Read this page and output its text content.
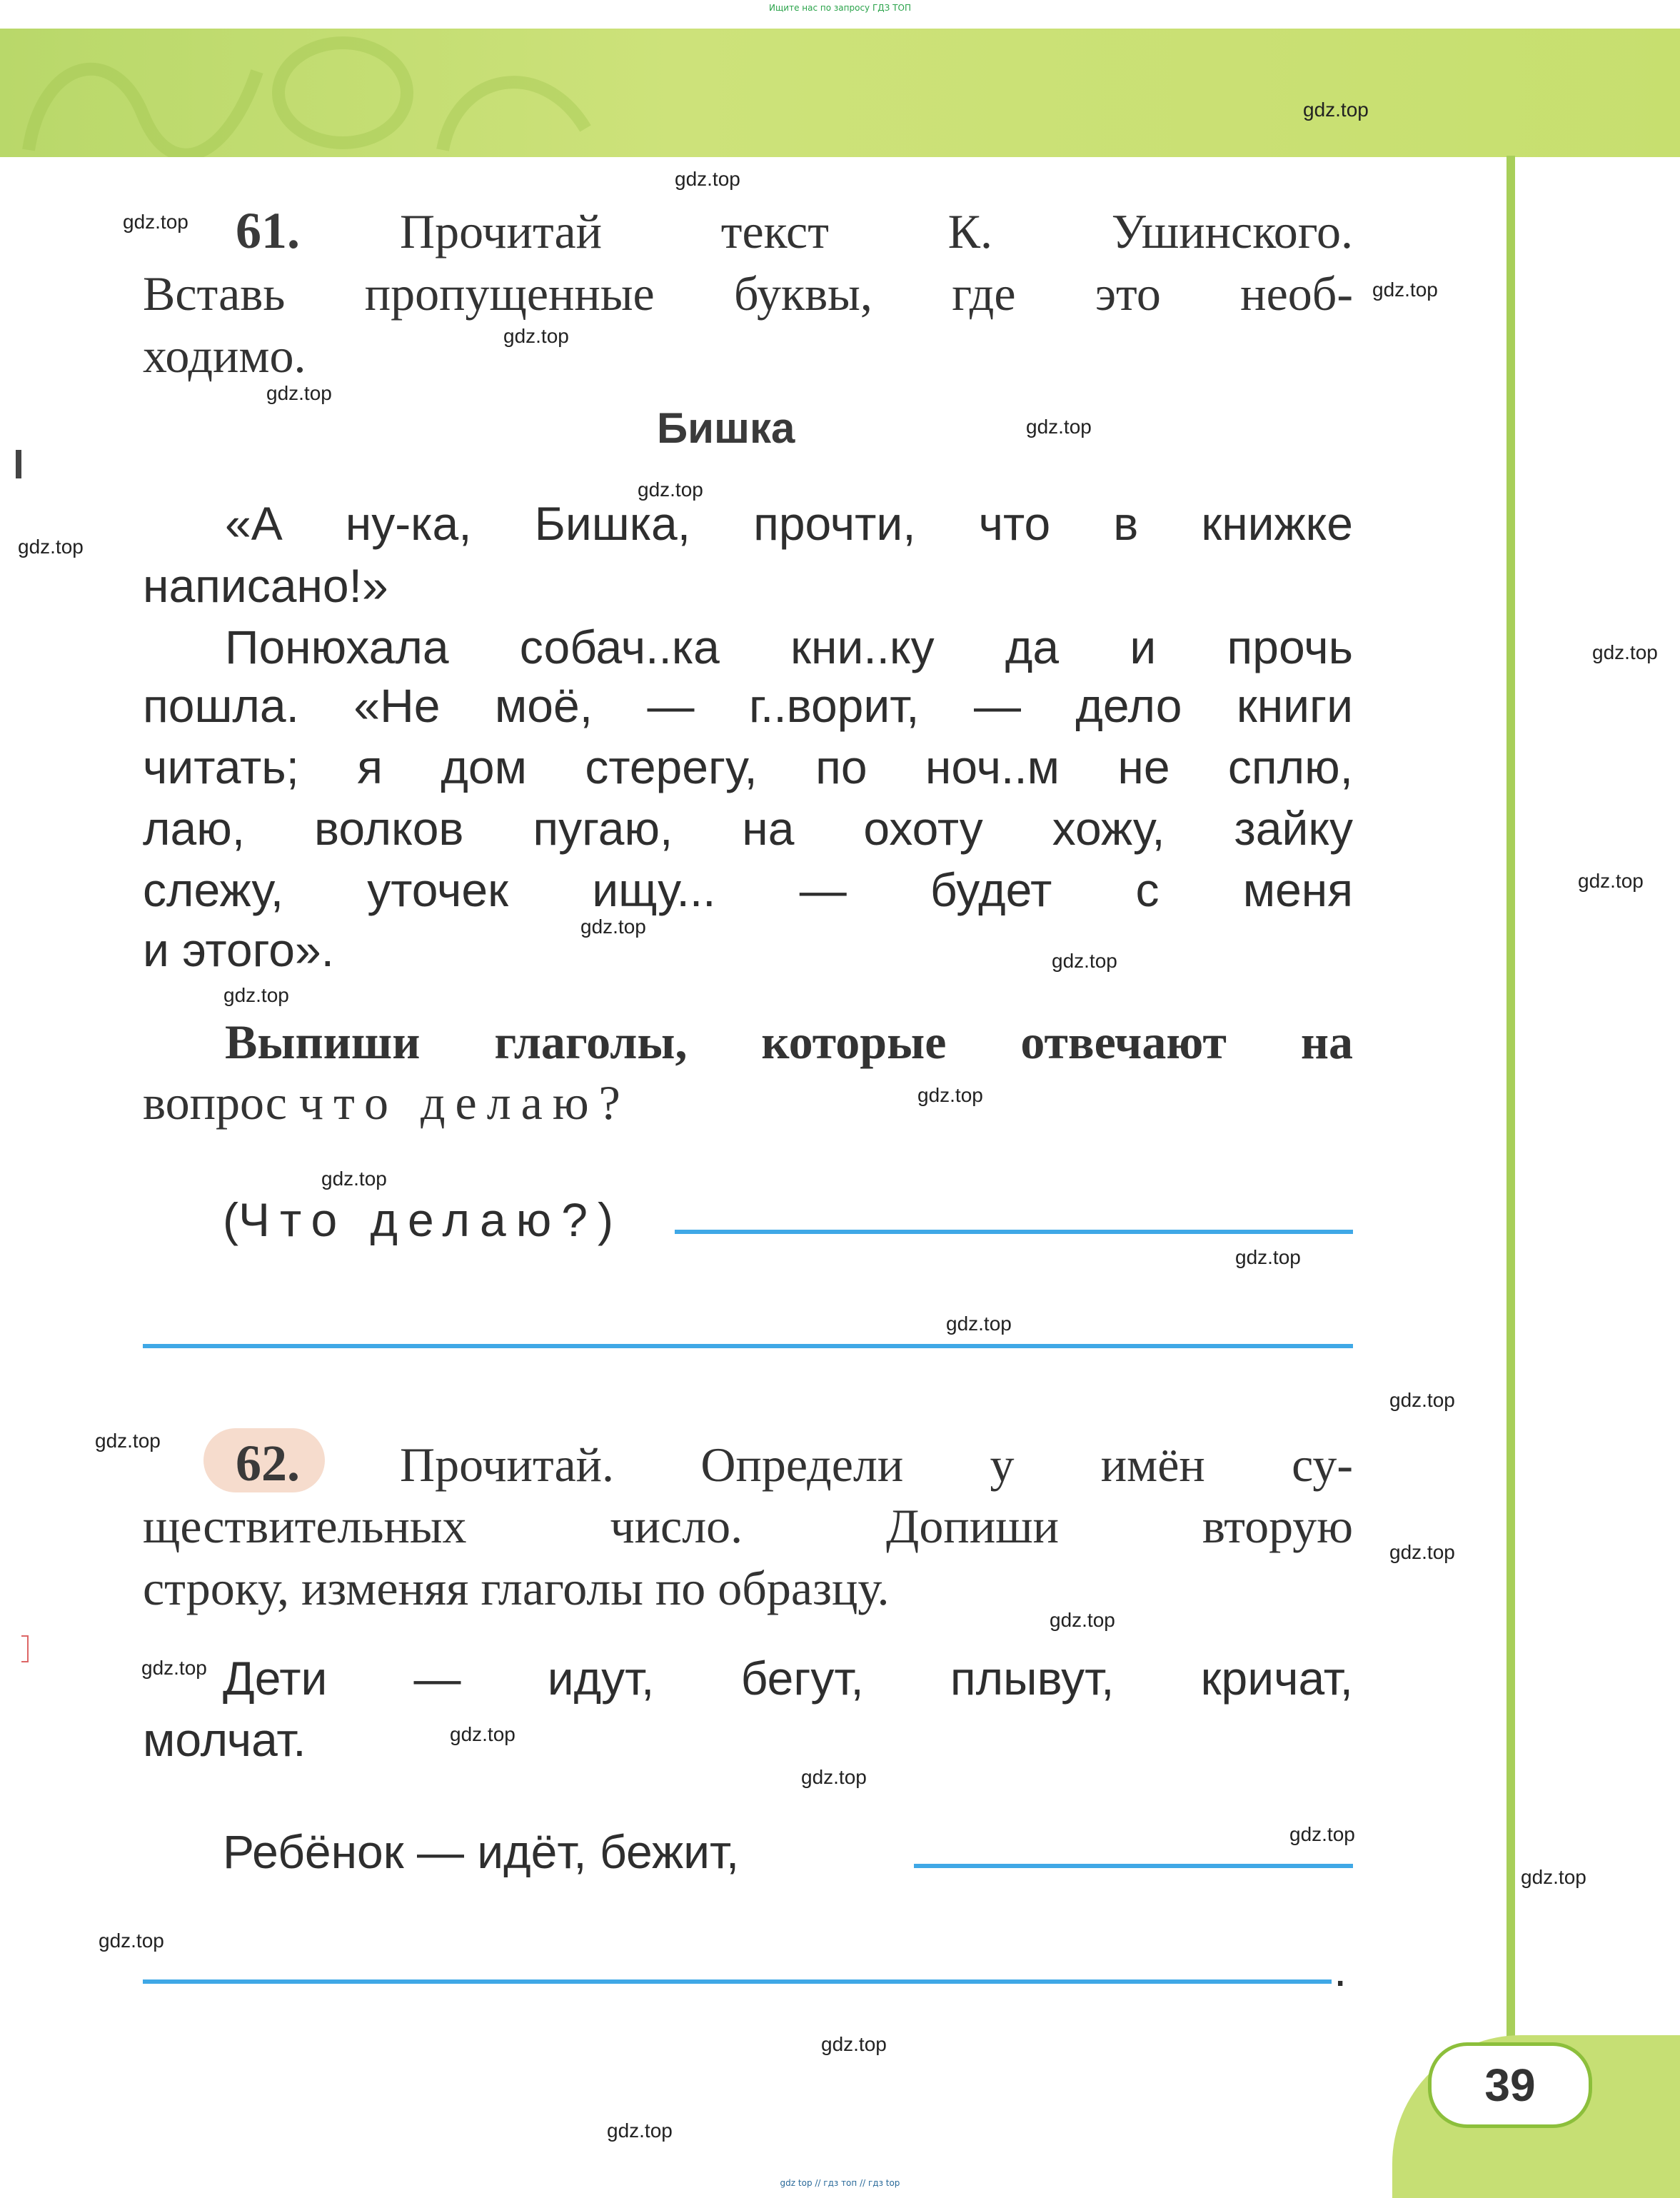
Ищите нас по запросу ГДЗ ТОП
39
61. Прочитай текст К. Ушинского.
Вставь пропущенные буквы, где это необ-
ходимо.
Бишка
«А ну-ка, Бишка, прочти, что в книжке
написано!»
Понюхала собач..ка кни..ку да и прочь
пошла. «Не моё, — г..ворит, — дело книги
читать; я дом стерегу, по ноч..м не сплю,
лаю, волков пугаю, на охоту хожу, зайку
слежу, уточек ищу... — будет с меня
и этого».
Выпиши глаголы, которые отвечают на
вопрос что делаю?
(Что делаю?)
62. Прочитай. Определи у имён су-
ществительных число. Допиши вторую
строку, изменяя глаголы по образцу.
Дети — идут, бегут, плывут, кричат,
молчат.
Ребёнок — идёт, бежит,
.
gdz.top
gdz.top
gdz.top
gdz.top
gdz.top
gdz.top
gdz.top
gdz.top
gdz.top
gdz.top
gdz.top
gdz.top
gdz.top
gdz.top
gdz.top
gdz.top
gdz.top
gdz.top
gdz.top
gdz.top
gdz.top
gdz.top
gdz.top
gdz.top
gdz.top
gdz.top
gdz.top
gdz.top
gdz.top
gdz.top
gdz top // гдз топ // гдз top
